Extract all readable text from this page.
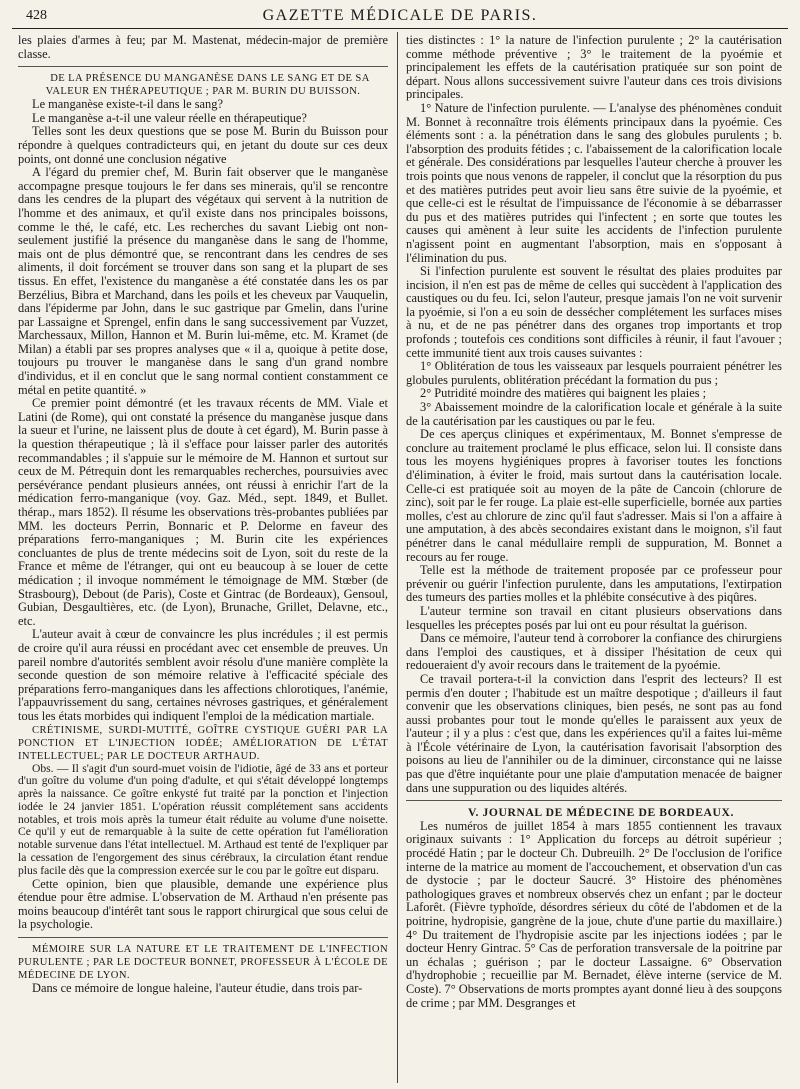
428	GAZETTE MÉDICALE DE PARIS.

les plaies d'armes à feu; par M. Mastenat, médecin-major de première classe.

DE LA PRÉSENCE DU MANGANÈSE DANS LE SANG ET DE SA VALEUR EN THÉRAPEUTIQUE ; PAR M. BURIN DU BUISSON.

Le manganèse existe-t-il dans le sang?

Le manganèse a-t-il une valeur réelle en thérapeutique?

Telles sont les deux questions que se pose M. Burin du Buisson pour répondre à quelques contradicteurs qui, en jetant du doute sur ces deux points, ont donné une conclusion négative

A l'égard du premier chef, M. Burin fait observer que le manganèse accompagne presque toujours le fer dans ses minerais, qu'il se rencontre dans les cendres de la plupart des végétaux qui servent à la nutrition de l'homme et des animaux, et qu'il existe dans nos principales boissons, comme le thé, le café, etc. Les recherches du savant Liebig ont non-seulement justifié la présence du manganèse dans le sang de l'homme, mais ont de plus démontré que, se rencontrant dans les cendres de ses aliments, il doit forcément se trouver dans son sang et la plupart de ses tissus. En effet, l'existence du manganèse a été constatée dans les os par Berzélius, Bibra et Marchand, dans les poils et les cheveux par Vauquelin, dans l'épiderme par John, dans le suc gastrique par Gmelin, dans l'urine par Lassaigne et Sprengel, enfin dans le sang successivement par Vuzzet, Marchessaux, Millon, Hannon et M. Burin lui-même, etc. M. Kramet (de Milan) a établi par ses propres analyses que « il a, quoique à petite dose, toujours pu trouver le manganèse dans le sang d'un grand nombre d'individus, et il en conclut que le sang normal contient constamment ce métal en petite quantité. »

Ce premier point démontré (et les travaux récents de MM. Viale et Latini (de Rome), qui ont constaté la présence du manganèse jusque dans la sueur et l'urine, ne laissent plus de doute à cet égard), M. Burin passe à la question thérapeutique ; là il s'efface pour laisser parler des autorités recommandables ; il s'appuie sur le mémoire de M. Hannon et surtout sur ceux de M. Pétrequin dont les remarquables recherches, poursuivies avec persévérance pendant plusieurs années, ont réussi à enrichir l'art de la médication ferro-manganique (voy. Gaz. Méd., sept. 1849, et Bullet. thérap., mars 1852). Il résume les observations très-probantes publiées par MM. les docteurs Perrin, Bonnaric et P. Delorme en faveur des préparations ferro-manganiques ; M. Burin cite les expériences concluantes de plus de trente médecins soit de Lyon, soit du reste de la France et même de l'étranger, qui ont eu beaucoup à se louer de cette médication ; il invoque nommément le témoignage de MM. Stœber (de Strasbourg), Debout (de Paris), Coste et Gintrac (de Bordeaux), Gensoul, Gubian, Desgaultières, etc. (de Lyon), Brunache, Grillet, Delavne, etc., etc.

L'auteur avait à cœur de convaincre les plus incrédules ; il est permis de croire qu'il aura réussi en procédant avec cet ensemble de preuves. Un pareil nombre d'autorités semblent avoir résolu d'une manière complète la seconde question de son mémoire relative à l'efficacité spéciale des préparations ferro-manganiques dans les affections chlorotiques, l'anémie, l'appauvrissement du sang, certaines névroses gastriques, et généralement tous les états morbides qui indiquent l'emploi de la médication martiale.

CRÉTINISME, SURDI-MUTITÉ, GOÎTRE CYSTIQUE GUÉRI PAR LA PONCTION ET L'INJECTION IODÉE; AMÉLIORATION DE L'ÉTAT INTELLECTUEL; PAR LE DOCTEUR ARTHAUD.

Obs. — Il s'agit d'un sourd-muet voisin de l'idiotie, âgé de 33 ans et porteur d'un goître du volume d'un poing d'adulte, et qui s'était développé longtemps après la naissance. Ce goître enkysté fut traité par la ponction et l'injection iodée le 24 janvier 1851. L'opération réussit complétement sans accidents notables, et trois mois après la tumeur était réduite au volume d'une noisette. Ce qu'il y eut de remarquable à la suite de cette opération fut l'amélioration notable survenue dans l'état intellectuel. M. Arthaud est tenté de l'expliquer par la cessation de l'engorgement des sinus cérébraux, la circulation étant rendue plus facile dès que la compression exercée sur le cou par le goître eut disparu.

Cette opinion, bien que plausible, demande une expérience plus étendue pour être admise. L'observation de M. Arthaud n'en présente pas moins beaucoup d'intérêt tant sous le rapport chirurgical que sous celui de la psychologie.

MÉMOIRE SUR LA NATURE ET LE TRAITEMENT DE L'INFECTION PURULENTE ; PAR LE DOCTEUR BONNET, PROFESSEUR À L'ÉCOLE DE MÉDECINE DE LYON.

Dans ce mémoire de longue haleine, l'auteur étudie, dans trois par-

ties distinctes : 1° la nature de l'infection purulente ; 2° la cautérisation comme méthode préventive ; 3° le traitement de la pyoémie et principalement les effets de la cautérisation pratiquée sur son point de départ. Nous allons successivement suivre l'auteur dans ces trois divisions principales.

1° Nature de l'infection purulente. — L'analyse des phénomènes conduit M. Bonnet à reconnaître trois éléments principaux dans la pyoémie. Ces éléments sont : a. la pénétration dans le sang des globules purulents ; b. l'absorption des produits fétides ; c. l'abaissement de la calorification locale et générale. Des considérations par lesquelles l'auteur cherche à prouver les trois points que nous venons de rappeler, il conclut que la résorption du pus et des matières putrides peut avoir lieu sans être suivie de la pyoémie, et que celle-ci est le résultat de l'impuissance de l'économie à se débarrasser du pus et des matières putrides qui l'infectent ; en sorte que toutes les causes qui amènent à leur suite les accidents de l'infection purulente n'agissent point en augmentant l'absorption, mais en s'opposant à l'élimination du pus.

Si l'infection purulente est souvent le résultat des plaies produites par incision, il n'en est pas de même de celles qui succèdent à l'application des caustiques ou du feu. Ici, selon l'auteur, presque jamais l'on ne voit survenir la pyoémie, si l'on a eu soin de dessécher complétement les surfaces mises à nu, et de ne pas pénétrer dans des organes trop importants et trop profonds ; toutefois ces conditions sont difficiles à réunir, il faut l'avouer ; cette immunité tient aux trois causes suivantes :

1° Oblitération de tous les vaisseaux par lesquels pourraient pénétrer les globules purulents, oblitération précédant la formation du pus ;

2° Putridité moindre des matières qui baignent les plaies ;

3° Abaissement moindre de la calorification locale et générale à la suite de la cautérisation par les caustiques ou par le feu.

De ces aperçus cliniques et expérimentaux, M. Bonnet s'empresse de conclure au traitement proclamé le plus efficace, selon lui. Il consiste dans tous les moyens hygiéniques propres à favoriser toutes les fonctions d'élimination, à éviter le froid, mais surtout dans la cautérisation locale. Celle-ci est pratiquée soit au moyen de la pâte de Cancoin (chlorure de zinc), soit par le fer rouge. La plaie est-elle superficielle, bornée aux parties molles, c'est au chlorure de zinc qu'il faut s'adresser. Mais si l'on a affaire à une amputation, à des abcès secondaires existant dans le moignon, s'il faut pénétrer dans le canal médullaire rempli de suppuration, M. Bonnet a recours au fer rouge.

Telle est la méthode de traitement proposée par ce professeur pour prévenir ou guérir l'infection purulente, dans les amputations, l'extirpation des tumeurs des parties molles et la phlébite consécutive à des piqûres.

L'auteur termine son travail en citant plusieurs observations dans lesquelles les préceptes posés par lui ont eu pour résultat la guérison.

Dans ce mémoire, l'auteur tend à corroborer la confiance des chirurgiens dans l'emploi des caustiques, et à dissiper l'hésitation de ceux qui redoueraient d'y avoir recours dans le traitement de la pyoémie.

Ce travail portera-t-il la conviction dans l'esprit des lecteurs? Il est permis d'en douter ; l'habitude est un maître despotique ; d'ailleurs il faut convenir que les observations cliniques, bien pesés, ne sont pas au fond aussi probantes pour tout le monde qu'elles le paraissent aux yeux de l'auteur ; il y a plus : c'est que, dans les expériences qu'il a faites lui-même à l'École vétérinaire de Lyon, la cautérisation favorisait l'absorption des poisons au lieu de l'annihiler ou de la diminuer, circonstance qui ne laisse pas que d'être inquiétante pour une plaie d'amputation menacée de baigner dans une suppuration ou des liquides altérés.

V. JOURNAL DE MÉDECINE DE BORDEAUX.

Les numéros de juillet 1854 à mars 1855 contiennent les travaux originaux suivants : 1° Application du forceps au détroit supérieur ; procédé Hatin ; par le docteur Ch. Dubreuilh. 2° De l'occlusion de l'orifice interne de la matrice au moment de l'accouchement, et observation d'un cas de dystocie ; par le docteur Saucré. 3° Histoire des phénomènes pathologiques graves et nombreux observés chez un enfant ; par le docteur Laforêt. (Fièvre typhoïde, désordres sérieux du côté de l'abdomen et de la poitrine, hydropisie, gangrène de la joue, chute d'une partie du maxillaire.) 4° Du traitement de l'hydropisie ascite par les injections iodées ; par le docteur Henry Gintrac. 5° Cas de perforation transversale de la poitrine par un échalas ; guérison ; par le docteur Lassaigne. 6° Observation d'hydrophobie ; recueillie par M. Bernadet, élève interne (service de M. Coste). 7° Observations de morts promptes ayant donné lieu à des soupçons de crime ; par MM. Desgranges et
